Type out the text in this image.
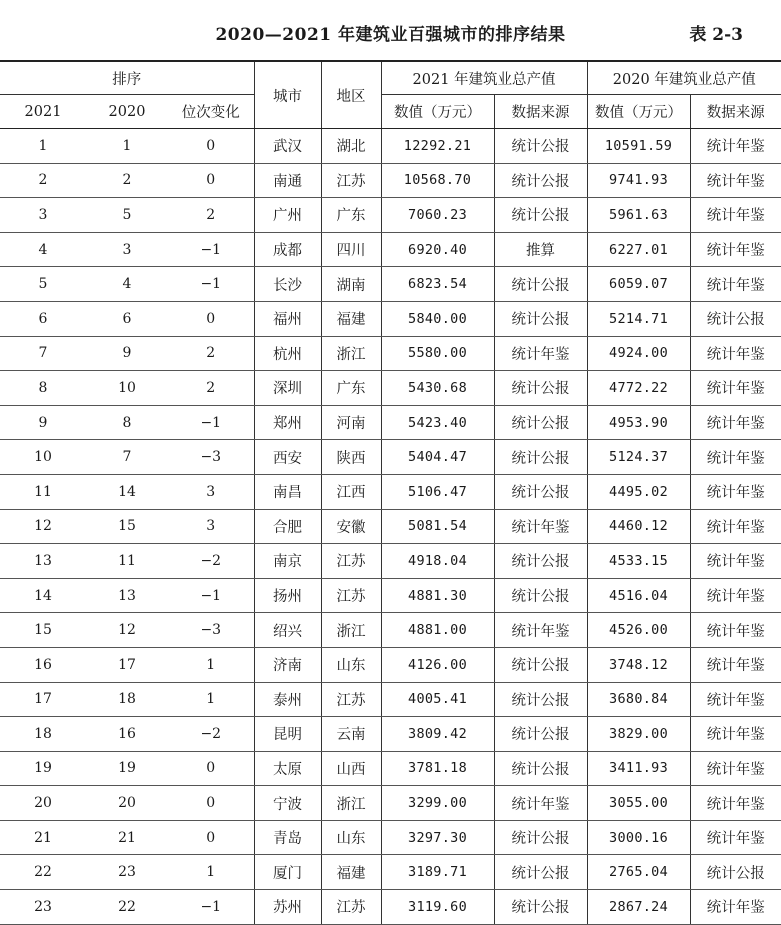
2020—2021 年建筑业百强城市的排序结果	表 2-3
排序			城市	地区	2021 年建筑业总产值		2020 年建筑业总产值	
2021	2020	位次变化			数值（万元）	数据来源	数值（万元）	数据来源
1	1	0	武汉	湖北	12292.21	统计公报	10591.59	统计年鉴
2	2	0	南通	江苏	10568.70	统计公报	9741.93	统计年鉴
3	5	2	广州	广东	7060.23	统计公报	5961.63	统计年鉴
4	3	−1	成都	四川	6920.40	推算	6227.01	统计年鉴
5	4	−1	长沙	湖南	6823.54	统计公报	6059.07	统计年鉴
6	6	0	福州	福建	5840.00	统计公报	5214.71	统计公报
7	9	2	杭州	浙江	5580.00	统计年鉴	4924.00	统计年鉴
8	10	2	深圳	广东	5430.68	统计公报	4772.22	统计年鉴
9	8	−1	郑州	河南	5423.40	统计公报	4953.90	统计年鉴
10	7	−3	西安	陕西	5404.47	统计公报	5124.37	统计年鉴
11	14	3	南昌	江西	5106.47	统计公报	4495.02	统计年鉴
12	15	3	合肥	安徽	5081.54	统计年鉴	4460.12	统计年鉴
13	11	−2	南京	江苏	4918.04	统计公报	4533.15	统计年鉴
14	13	−1	扬州	江苏	4881.30	统计公报	4516.04	统计年鉴
15	12	−3	绍兴	浙江	4881.00	统计年鉴	4526.00	统计年鉴
16	17	1	济南	山东	4126.00	统计公报	3748.12	统计年鉴
17	18	1	泰州	江苏	4005.41	统计公报	3680.84	统计年鉴
18	16	−2	昆明	云南	3809.42	统计公报	3829.00	统计年鉴
19	19	0	太原	山西	3781.18	统计公报	3411.93	统计年鉴
20	20	0	宁波	浙江	3299.00	统计年鉴	3055.00	统计年鉴
21	21	0	青岛	山东	3297.30	统计公报	3000.16	统计年鉴
22	23	1	厦门	福建	3189.71	统计公报	2765.04	统计公报
23	22	−1	苏州	江苏	3119.60	统计公报	2867.24	统计年鉴
